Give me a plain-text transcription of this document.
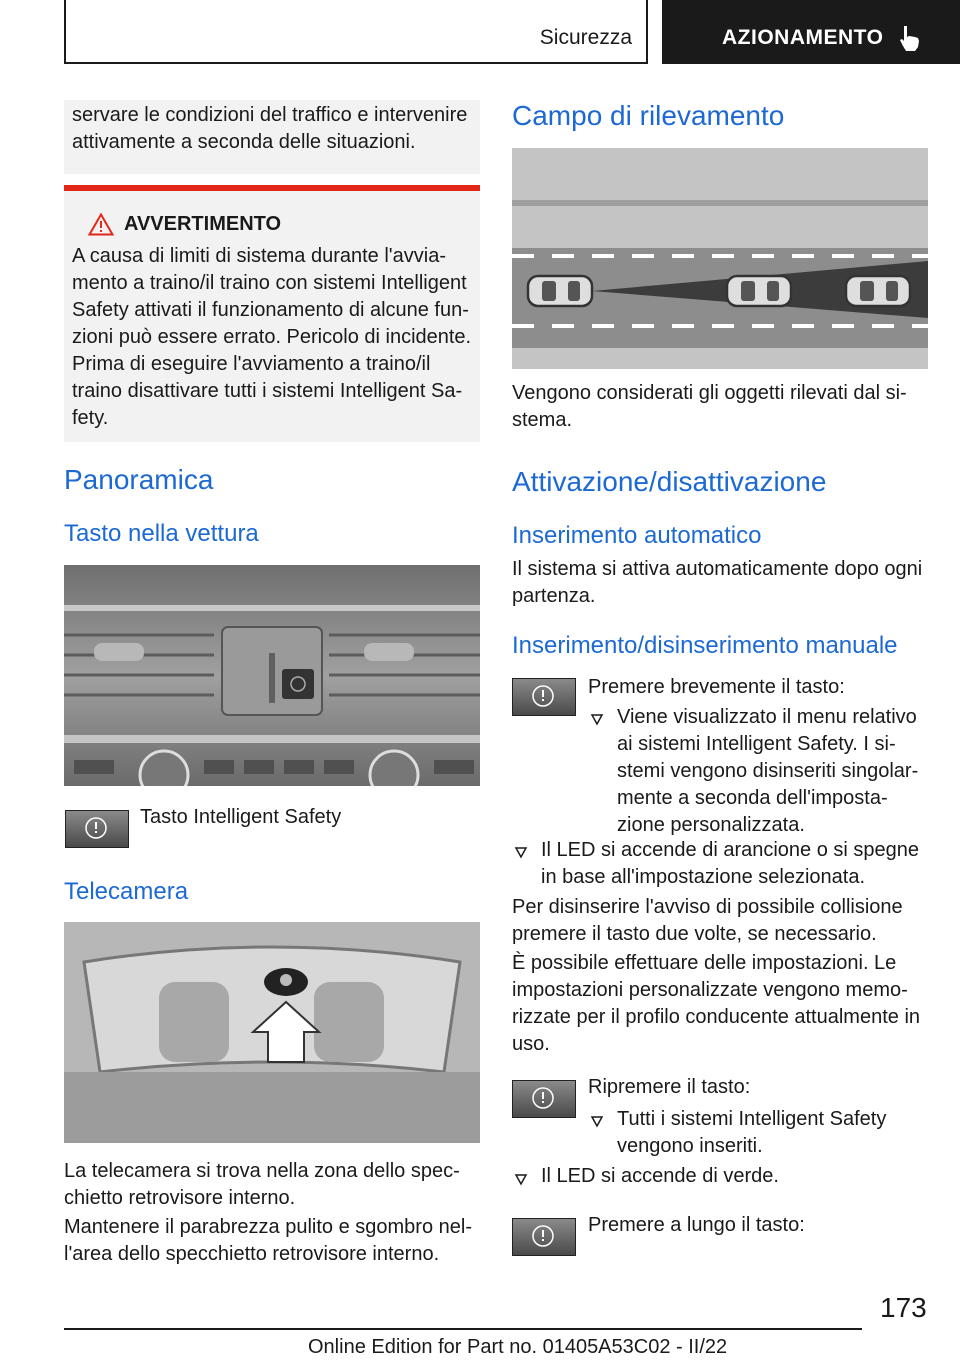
Sicurezza	AZIONAMENTO
servare le condizioni del traffico e intervenire
attivamente a seconda delle situazioni.
AVVERTIMENTO
A causa di limiti di sistema durante l'avvia-
mento a traino/il traino con sistemi Intelligent
Safety attivati il funzionamento di alcune fun-
zioni può essere errato. Pericolo di incidente.
Prima di eseguire l'avviamento a traino/il
traino disattivare tutti i sistemi Intelligent Sa-
fety.
Panoramica
Tasto nella vettura
Tasto Intelligent Safety
Telecamera
La telecamera si trova nella zona dello spec-
chietto retrovisore interno.
Mantenere il parabrezza pulito e sgombro nel-
l'area dello specchietto retrovisore interno.
Campo di rilevamento
Vengono considerati gli oggetti rilevati dal si-
stema.
Attivazione/disattivazione
Inserimento automatico
Il sistema si attiva automaticamente dopo ogni
partenza.
Inserimento/disinserimento manuale
Premere brevemente il tasto:
Viene visualizzato il menu relativo
ai sistemi Intelligent Safety. I si-
stemi vengono disinseriti singolar-
mente a seconda dell'imposta-
zione personalizzata.
Il LED si accende di arancione o si spegne
in base all'impostazione selezionata.
Per disinserire l'avviso di possibile collisione
premere il tasto due volte, se necessario.
È possibile effettuare delle impostazioni. Le
impostazioni personalizzate vengono memo-
rizzate per il profilo conducente attualmente in
uso.
Ripremere il tasto:
Tutti i sistemi Intelligent Safety
vengono inseriti.
Il LED si accende di verde.
Premere a lungo il tasto:
173
Online Edition for Part no. 01405A53C02 - II/22
